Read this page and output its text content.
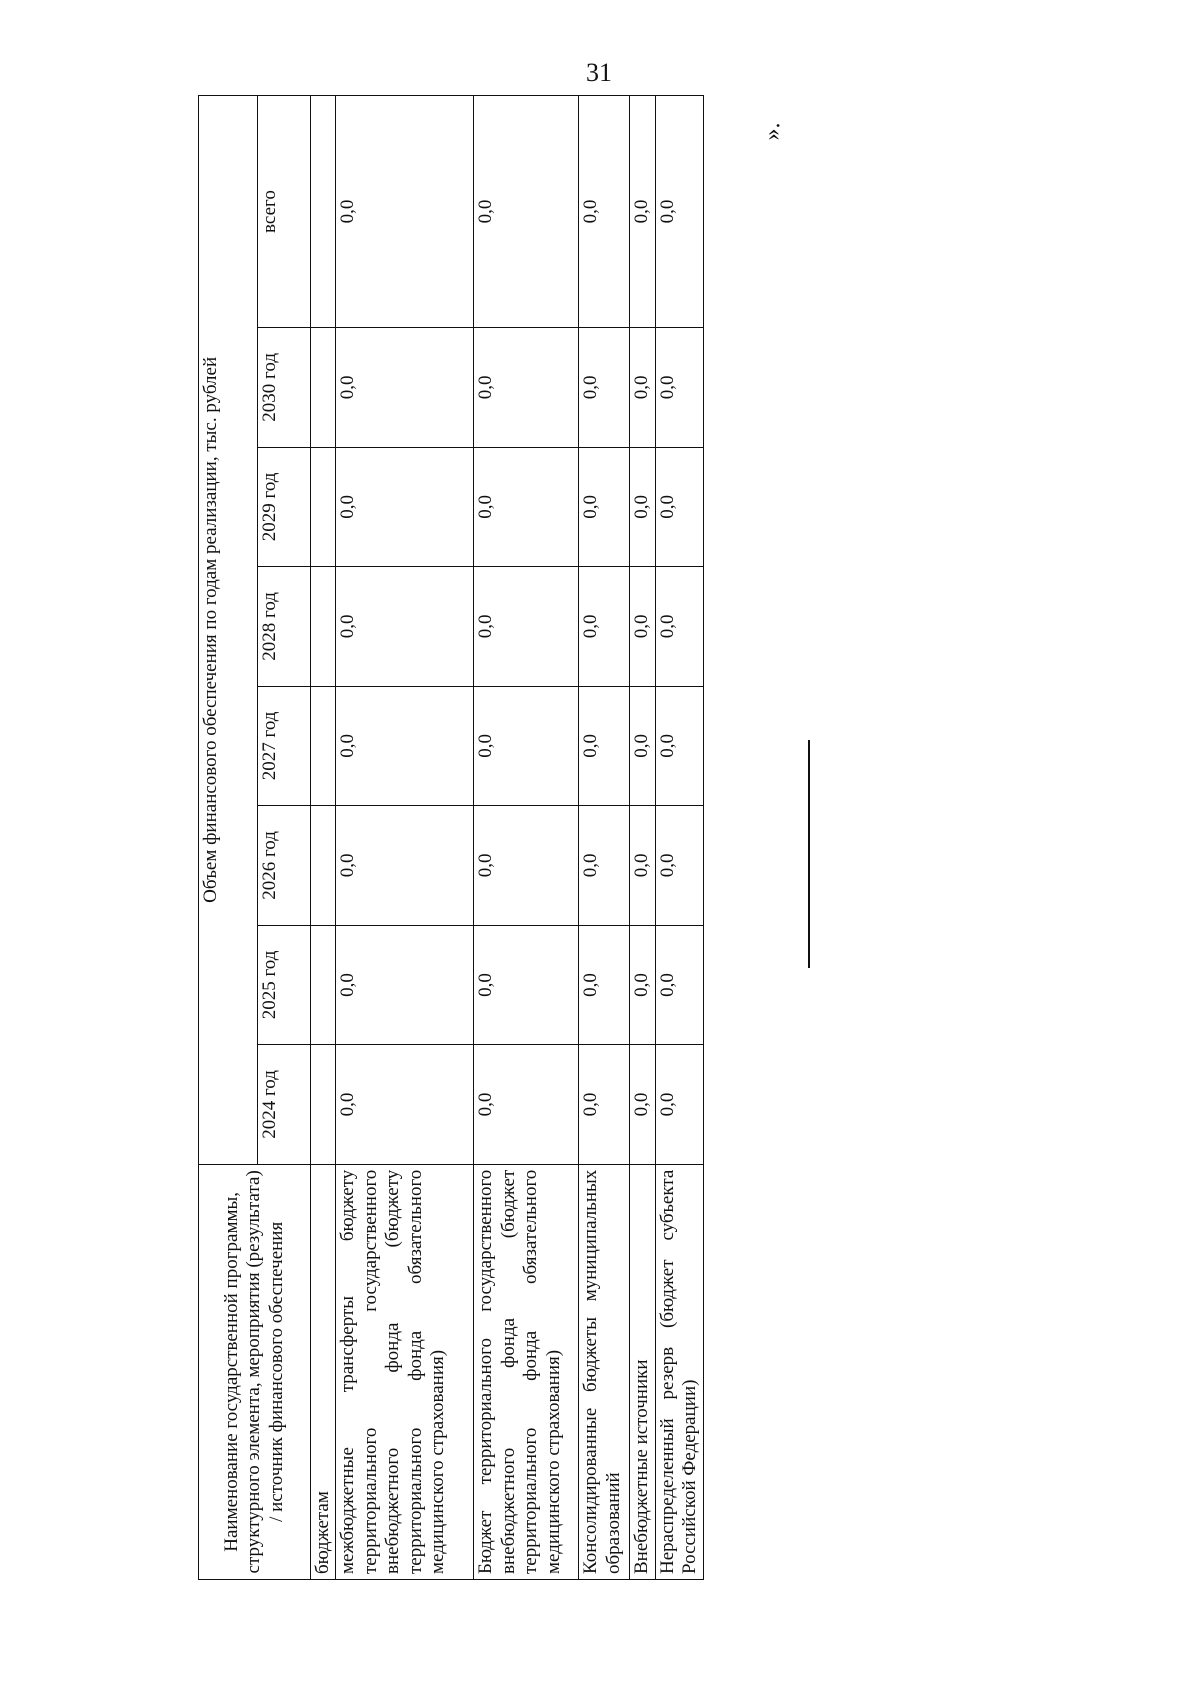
31
Наименование государственной программы, структурного элемента, мероприятия (результата) / источник финансового обеспечения	Объем финансового обеспечения по годам реализации, тыс. рублей							
	2024 год	2025 год	2026 год	2027 год	2028 год	2029 год	2030 год	всего
бюджетам								
межбюджетные трансферты бюджету территориального государственного внебюджетного фонда (бюджету территориального фонда обязательного медицинского страхования)	0,0	0,0	0,0	0,0	0,0	0,0	0,0	0,0
Бюджет территориального государственного внебюджетного фонда (бюджет территориального фонда обязательного медицинского страхования)	0,0	0,0	0,0	0,0	0,0	0,0	0,0	0,0
Консолидированные бюджеты муниципальных образований	0,0	0,0	0,0	0,0	0,0	0,0	0,0	0,0
Внебюджетные источники	0,0	0,0	0,0	0,0	0,0	0,0	0,0	0,0
Нераспределенный резерв (бюджет субъекта Российской Федерации)	0,0	0,0	0,0	0,0	0,0	0,0	0,0	0,0
».
